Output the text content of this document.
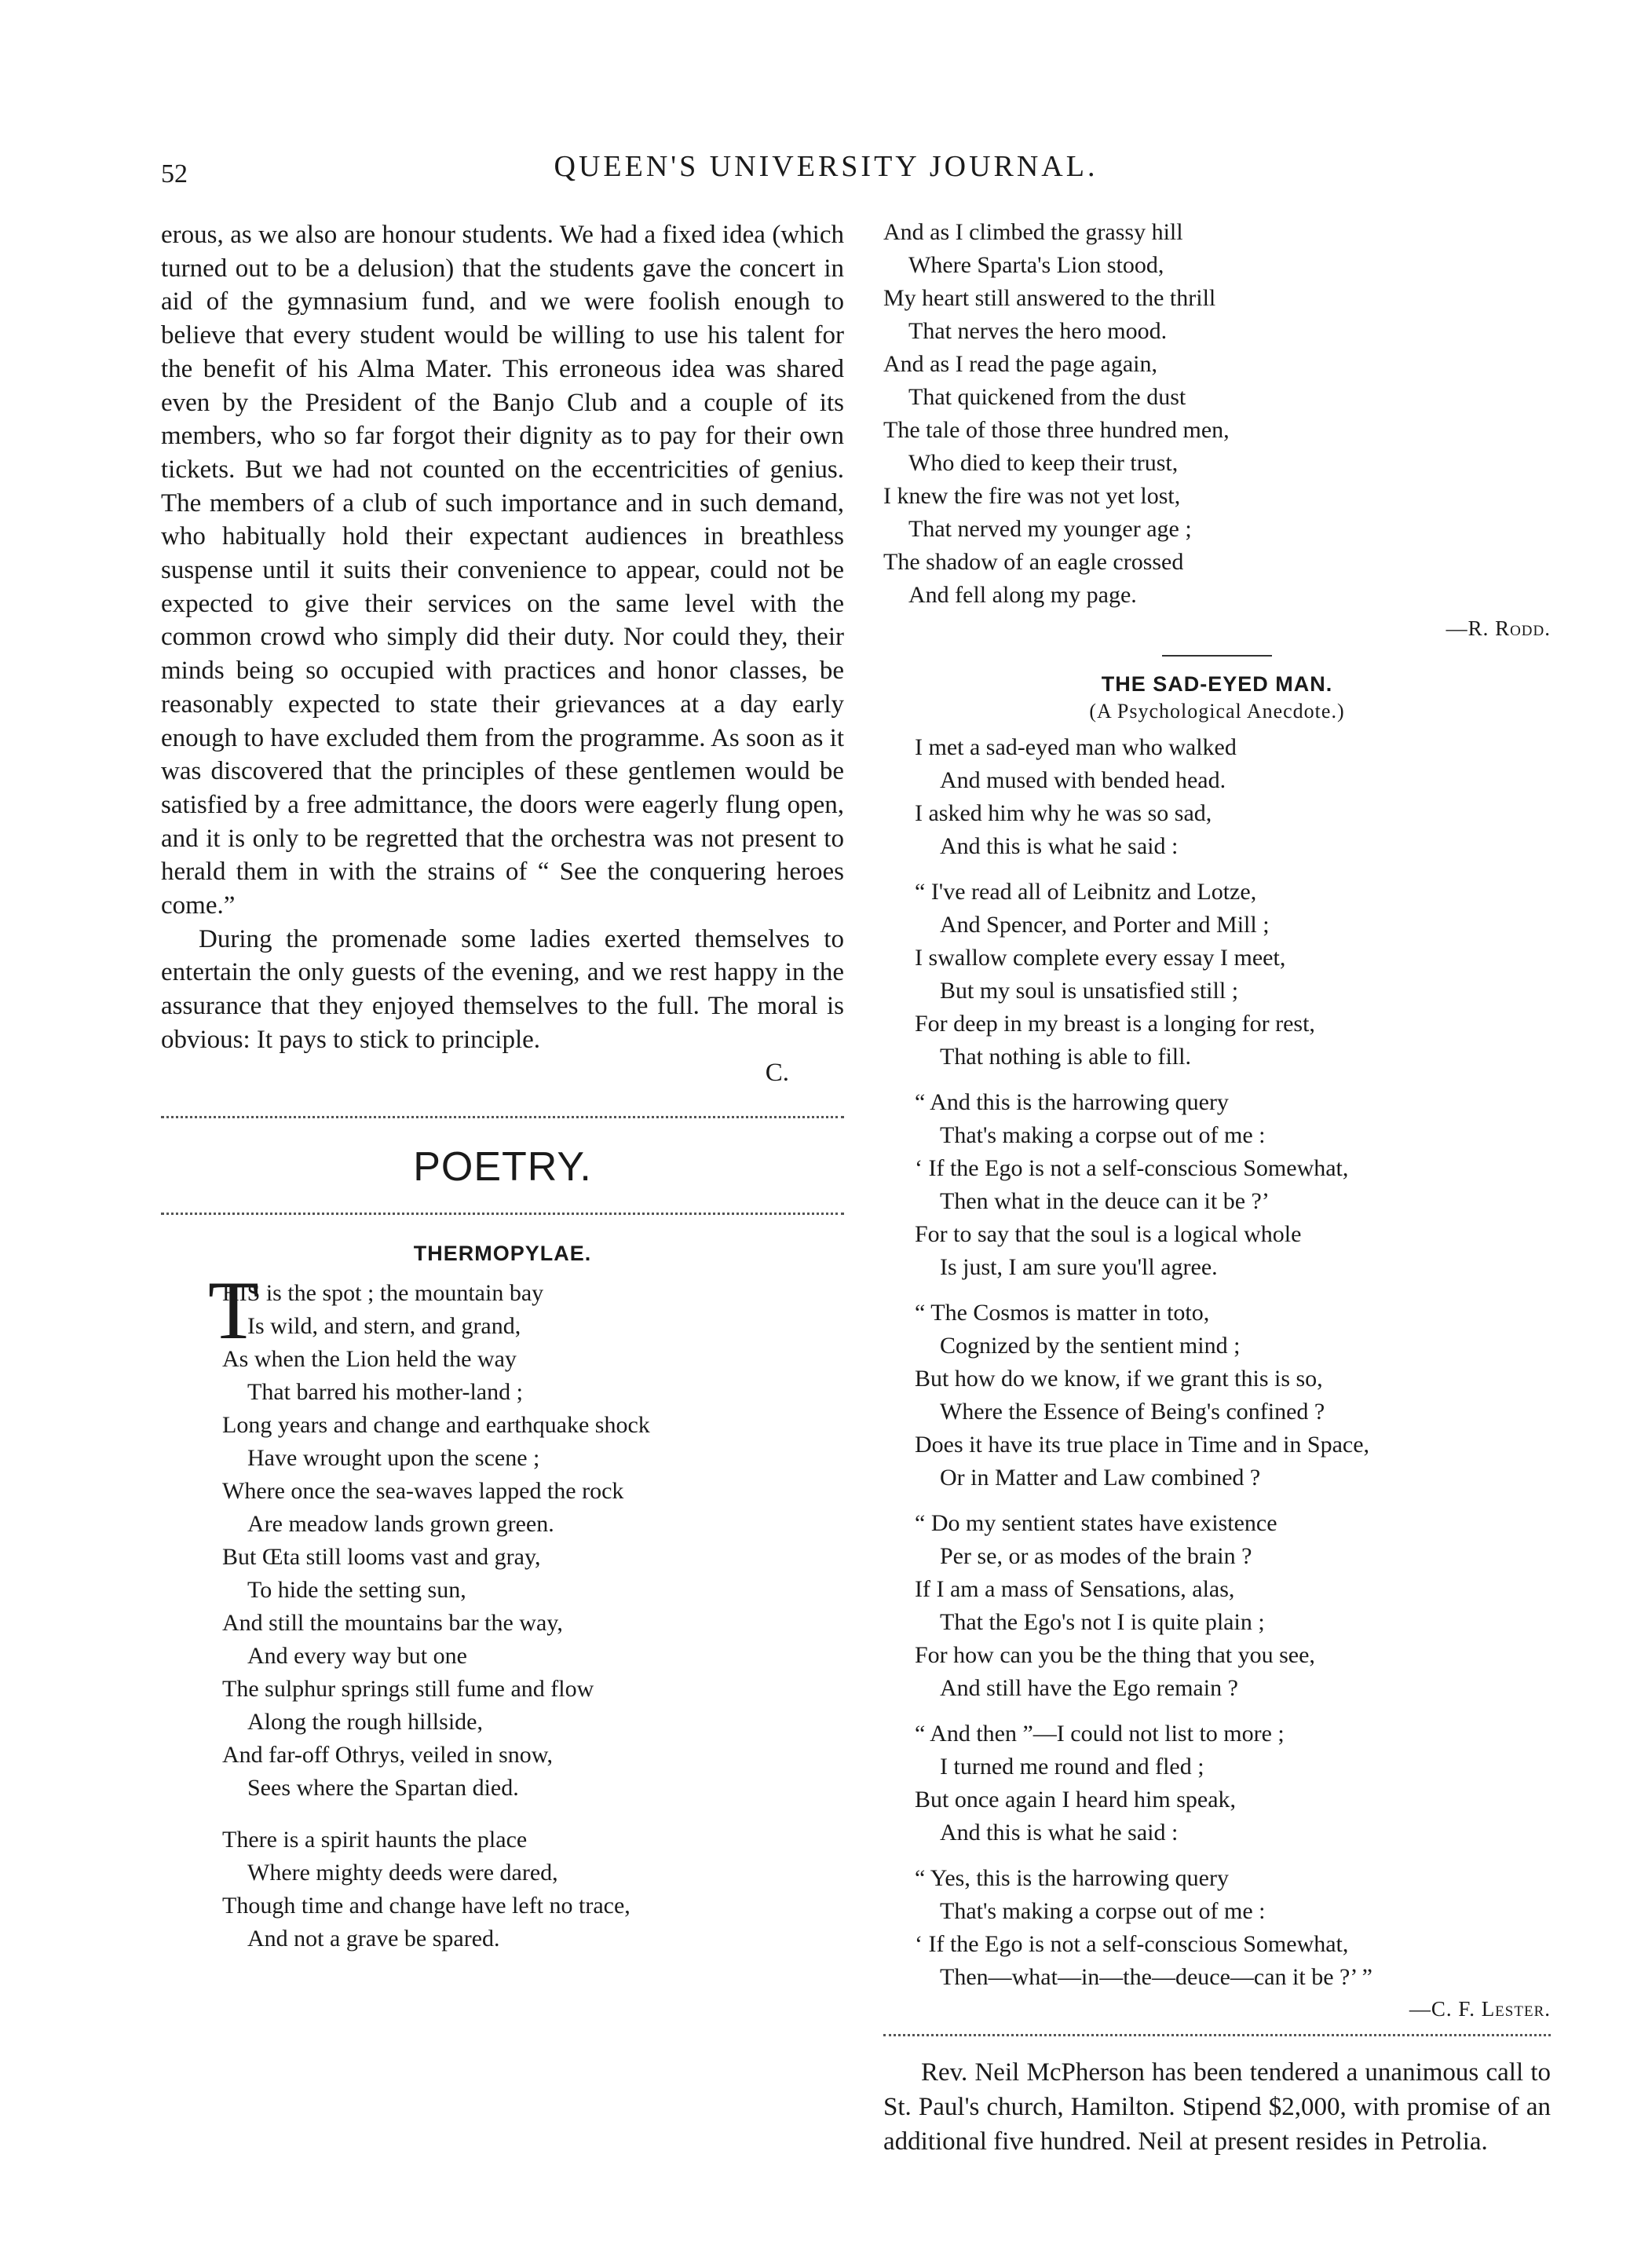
52	QUEEN'S UNIVERSITY JOURNAL.

erous, as we also are honour students. We had a fixed idea (which turned out to be a delusion) that the students gave the concert in aid of the gymnasium fund, and we were foolish enough to believe that every student would be willing to use his talent for the benefit of his Alma Mater. This erroneous idea was shared even by the President of the Banjo Club and a couple of its members, who so far forgot their dignity as to pay for their own tickets. But we had not counted on the eccentricities of genius. The members of a club of such importance and in such demand, who habitually hold their expectant audiences in breathless suspense until it suits their convenience to appear, could not be expected to give their services on the same level with the common crowd who simply did their duty. Nor could they, their minds being so occupied with practices and honor classes, be reasonably expected to state their grievances at a day early enough to have excluded them from the programme. As soon as it was discovered that the principles of these gentlemen would be satisfied by a free admittance, the doors were eagerly flung open, and it is only to be regretted that the orchestra was not present to herald them in with the strains of “ See the conquering heroes come.”

During the promenade some ladies exerted themselves to entertain the only guests of the evening, and we rest happy in the assurance that they enjoyed themselves to the full. The moral is obvious: It pays to stick to principle.

C.
POETRY.
THERMOPYLAE.
T
HIS is the spot ; the mountain bay
Is wild, and stern, and grand,
As when the Lion held the way
That barred his mother-land ;
Long years and change and earthquake shock
Have wrought upon the scene ;
Where once the sea-waves lapped the rock
Are meadow lands grown green.
But Œta still looms vast and gray,
To hide the setting sun,
And still the mountains bar the way,
And every way but one
The sulphur springs still fume and flow
Along the rough hillside,
And far-off Othrys, veiled in snow,
Sees where the Spartan died.
There is a spirit haunts the place
Where mighty deeds were dared,
Though time and change have left no trace,
And not a grave be spared.
And as I climbed the grassy hill
Where Sparta's Lion stood,
My heart still answered to the thrill
That nerves the hero mood.
And as I read the page again,
That quickened from the dust
The tale of those three hundred men,
Who died to keep their trust,
I knew the fire was not yet lost,
That nerved my younger age ;
The shadow of an eagle crossed
And fell along my page.
—R. Rodd.
THE SAD-EYED MAN.
(A Psychological Anecdote.)
I met a sad-eyed man who walked
And mused with bended head.
I asked him why he was so sad,
And this is what he said :
“ I've read all of Leibnitz and Lotze,
And Spencer, and Porter and Mill ;
I swallow complete every essay I meet,
But my soul is unsatisfied still ;
For deep in my breast is a longing for rest,
That nothing is able to fill.
“ And this is the harrowing query
That's making a corpse out of me :
‘ If the Ego is not a self-conscious Somewhat,
Then what in the deuce can it be ?’
For to say that the soul is a logical whole
Is just, I am sure you'll agree.
“ The Cosmos is matter in toto,
Cognized by the sentient mind ;
But how do we know, if we grant this is so,
Where the Essence of Being's confined ?
Does it have its true place in Time and in Space,
Or in Matter and Law combined ?
“ Do my sentient states have existence
Per se, or as modes of the brain ?
If I am a mass of Sensations, alas,
That the Ego's not I is quite plain ;
For how can you be the thing that you see,
And still have the Ego remain ?
“ And then ”—I could not list to more ;
I turned me round and fled ;
But once again I heard him speak,
And this is what he said :
“ Yes, this is the harrowing query
That's making a corpse out of me :
‘ If the Ego is not a self-conscious Somewhat,
Then—what—in—the—deuce—can it be ?’ ”
—C. F. Lester.

Rev. Neil McPherson has been tendered a unanimous call to St. Paul's church, Hamilton. Stipend $2,000, with promise of an additional five hundred. Neil at present resides in Petrolia.
